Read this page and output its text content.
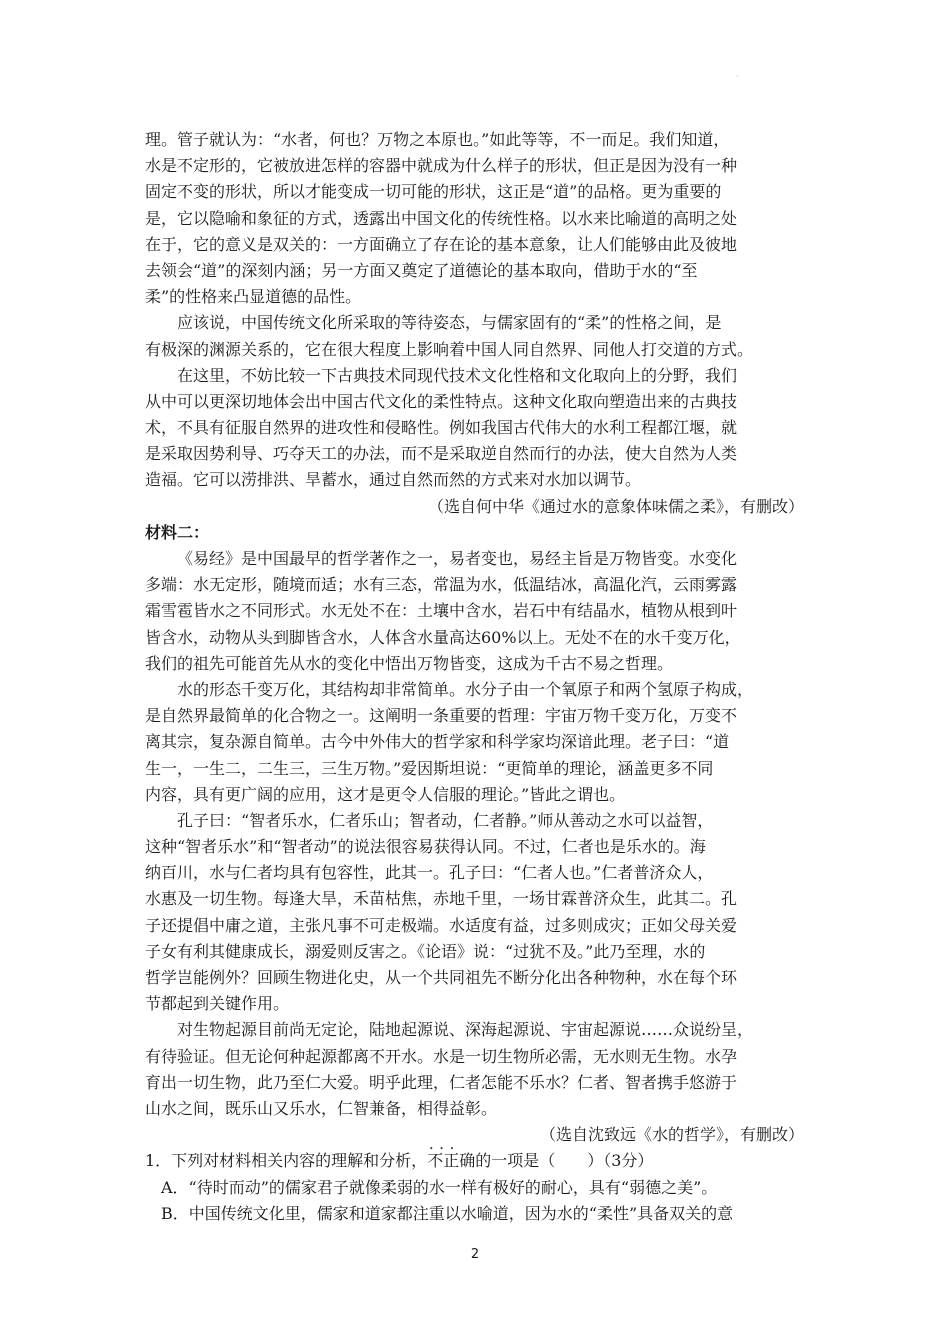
·
理。管子就认为：“水者，何也？万物之本原也。”如此等等，不一而足。我们知道，
水是不定形的，它被放进怎样的容器中就成为什么样子的形状，但正是因为没有一种
固定不变的形状，所以才能变成一切可能的形状，这正是“道”的品格。更为重要的
是，它以隐喻和象征的方式，透露出中国文化的传统性格。以水来比喻道的高明之处
在于，它的意义是双关的：一方面确立了存在论的基本意象，让人们能够由此及彼地
去领会“道”的深刻内涵；另一方面又奠定了道德论的基本取向，借助于水的“至
柔”的性格来凸显道德的品性。
应该说，中国传统文化所采取的等待姿态，与儒家固有的“柔”的性格之间，是
有极深的渊源关系的，它在很大程度上影响着中国人同自然界、同他人打交道的方式。
在这里，不妨比较一下古典技术同现代技术文化性格和文化取向上的分野，我们
从中可以更深切地体会出中国古代文化的柔性特点。这种文化取向塑造出来的古典技
术，不具有征服自然界的进攻性和侵略性。例如我国古代伟大的水利工程都江堰，就
是采取因势利导、巧夺天工的办法，而不是采取逆自然而行的办法，使大自然为人类
造福。它可以涝排洪、旱蓄水，通过自然而然的方式来对水加以调节。
（选自何中华《通过水的意象体味儒之柔》，有删改）
材料二：
《易经》是中国最早的哲学著作之一，易者变也，易经主旨是万物皆变。水变化
多端：水无定形，随境而适；水有三态，常温为水，低温结冰，高温化汽，云雨雾露
霜雪雹皆水之不同形式。水无处不在：土壤中含水，岩石中有结晶水，植物从根到叶
皆含水，动物从头到脚皆含水，人体含水量高达60%以上。无处不在的水千变万化，
我们的祖先可能首先从水的变化中悟出万物皆变，这成为千古不易之哲理。
水的形态千变万化，其结构却非常简单。水分子由一个氧原子和两个氢原子构成，
是自然界最简单的化合物之一。这阐明一条重要的哲理：宇宙万物千变万化，万变不
离其宗，复杂源自简单。古今中外伟大的哲学家和科学家均深谙此理。老子曰：“道
生一，一生二，二生三，三生万物。”爱因斯坦说：“更简单的理论，涵盖更多不同
内容，具有更广阔的应用，这才是更令人信服的理论。”皆此之谓也。
孔子曰：“智者乐水，仁者乐山；智者动，仁者静。”师从善动之水可以益智，
这种“智者乐水”和“智者动”的说法很容易获得认同。不过，仁者也是乐水的。海
纳百川，水与仁者均具有包容性，此其一。孔子曰：“仁者人也。”仁者普济众人，
水惠及一切生物。每逢大旱，禾苗枯焦，赤地千里，一场甘霖普济众生，此其二。孔
子还提倡中庸之道，主张凡事不可走极端。水适度有益，过多则成灾；正如父母关爱
子女有利其健康成长，溺爱则反害之。《论语》说：“过犹不及。”此乃至理，水的
哲学岂能例外？回顾生物进化史，从一个共同祖先不断分化出各种物种，水在每个环
节都起到关键作用。
对生物起源目前尚无定论，陆地起源说、深海起源说、宇宙起源说……众说纷呈，
有待验证。但无论何种起源都离不开水。水是一切生物所必需，无水则无生物。水孕
育出一切生物，此乃至仁大爱。明乎此理，仁者怎能不乐水？仁者、智者携手悠游于
山水之间，既乐山又乐水，仁智兼备，相得益彰。
（选自沈致远《水的哲学》，有删改）
1．下列对材料相关内容的理解和分析，• • • 不正确的一项是（　　）（3分）
A．“待时而动”的儒家君子就像柔弱的水一样有极好的耐心，具有“弱德之美”。
B．中国传统文化里，儒家和道家都注重以水喻道，因为水的“柔性”具备双关的意
2
